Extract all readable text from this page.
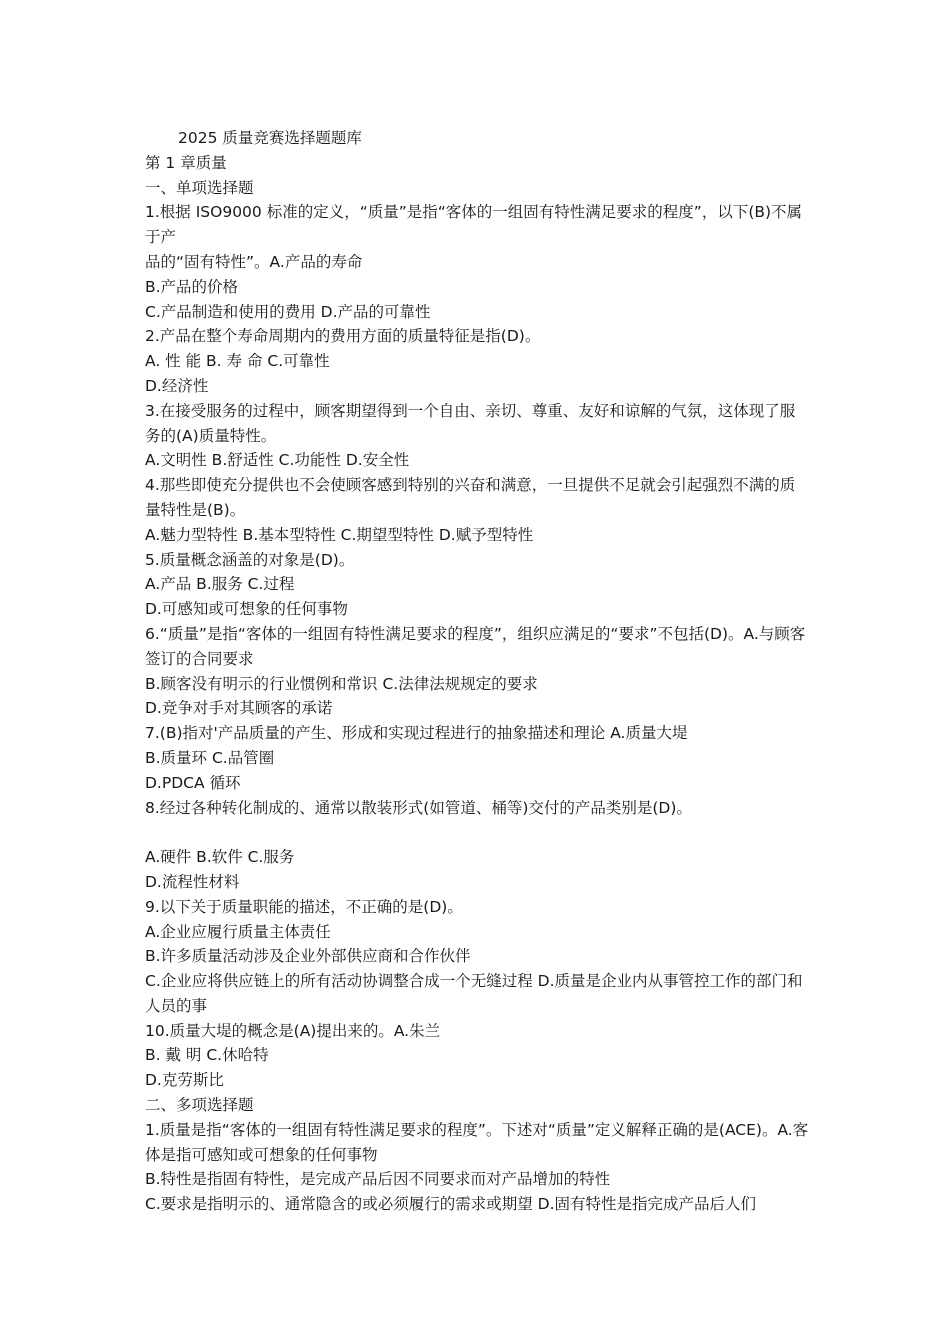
2025 质量竞赛选择题题库

第 1 章质量

一、单项选择题

1.根据 ISO9000 标准的定义，“质量”是指“客体的一组固有特性满足要求的程度”，以下(B)不属于产

品的“固有特性”。A.产品的寿命

B.产品的价格

C.产品制造和使用的费用 D.产品的可靠性

2.产品在整个寿命周期内的费用方面的质量特征是指(D)。

A. 性 能 B. 寿 命 C.可靠性

D.经济性

3.在接受服务的过程中，顾客期望得到一个自由、亲切、尊重、友好和谅解的气氛，这体现了服务的(A)质量特性。

A.文明性 B.舒适性 C.功能性 D.安全性

4.那些即使充分提供也不会使顾客感到特别的兴奋和满意，一旦提供不足就会引起强烈不满的质量特性是(B)。

A.魅力型特性 B.基本型特性 C.期望型特性 D.赋予型特性

5.质量概念涵盖的对象是(D)。

A.产品 B.服务 C.过程

D.可感知或可想象的任何事物

6.“质量”是指“客体的一组固有特性满足要求的程度”，组织应满足的“要求”不包括(D)。A.与顾客签订的合同要求

B.顾客没有明示的行业惯例和常识 C.法律法规规定的要求

D.竞争对手对其顾客的承诺

7.(B)指对'产品质量的产生、形成和实现过程进行的抽象描述和理论 A.质量大堤

B.质量环 C.品管圈

D.PDCA 循环

8.经过各种转化制成的、通常以散装形式(如管道、桶等)交付的产品类别是(D)。

A.硬件 B.软件 C.服务

D.流程性材料

9.以下关于质量职能的描述，不正确的是(D)。

A.企业应履行质量主体责任

B.许多质量活动涉及企业外部供应商和合作伙伴

C.企业应将供应链上的所有活动协调整合成一个无缝过程 D.质量是企业内从事管控工作的部门和人员的事

10.质量大堤的概念是(A)提出来的。A.朱兰

B. 戴 明 C.休哈特

D.克劳斯比

二、多项选择题

1.质量是指“客体的一组固有特性满足要求的程度”。下述对“质量”定义解释正确的是(ACE)。A.客体是指可感知或可想象的任何事物

B.特性是指固有特性，是完成产品后因不同要求而对产品增加的特性

C.要求是指明示的、通常隐含的或必须履行的需求或期望 D.固有特性是指完成产品后人们
